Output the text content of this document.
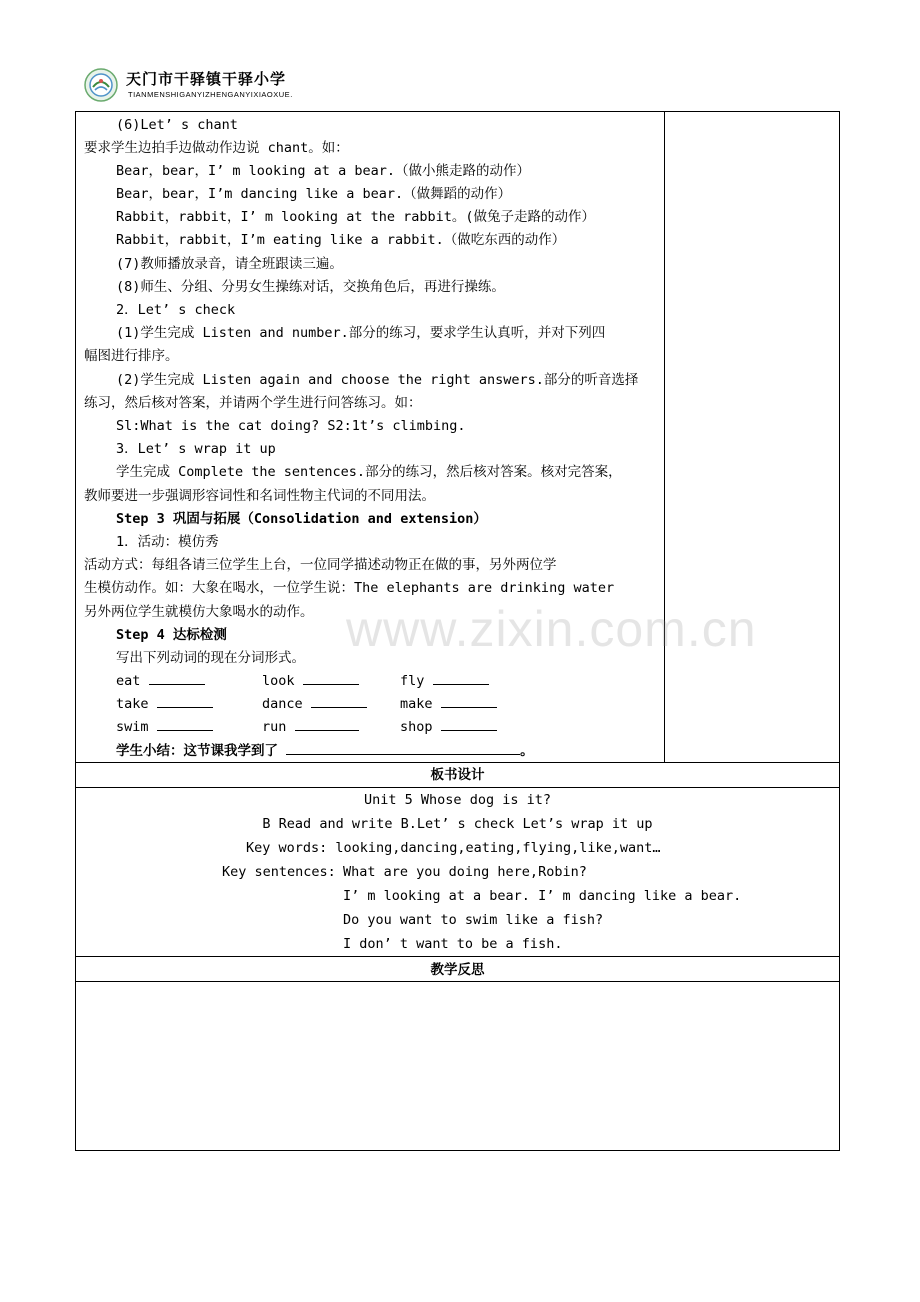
天门市干驿镇干驿小学
TIANMENSHIGANYIZHENGANYIXIAOXUE.
板书设计
Unit 5 Whose dog is it?
B Read and write B.Let’ s check Let’s wrap it up
Key words: looking,dancing,eating,flying,like,want…
Key sentences: What are you doing here,Robin?
I’ m looking at a bear. I’ m dancing like a bear.
Do you want to swim like a fish?
I don’ t want to be a fish.
教学反思
(6)Let’ s chant
要求学生边拍手边做动作边说 chant。如：
Bear，bear，I’ m looking at a bear.（做小熊走路的动作）
Bear，bear，I’m dancing like a bear.（做舞蹈的动作）
Rabbit，rabbit，I’ m looking at the rabbit。(做兔子走路的动作）
Rabbit，rabbit，I’m eating like a rabbit.（做吃东西的动作）
(7)教师播放录音，请全班跟读三遍。
(8)师生、分组、分男女生操练对话，交换角色后，再进行操练。
2．Let’ s check
(1)学生完成 Listen and number.部分的练习，要求学生认真听，并对下列四
幅图进行排序。
(2)学生完成 Listen again and choose the right answers.部分的听音选择
练习，然后核对答案，并请两个学生进行问答练习。如：
Sl:What is the cat doing? S2:1t’s climbing.
3．Let’ s wrap it up
学生完成 Complete the sentences.部分的练习，然后核对答案。核对完答案，
教师要进一步强调形容词性和名词性物主代词的不同用法。
Step 3 巩固与拓展（Consolidation and extension）
1．活动：模仿秀
活动方式：每组各请三位学生上台，一位同学描述动物正在做的事，另外两位学
生模仿动作。如：大象在喝水，一位学生说：The elephants are drinking water
另外两位学生就模仿大象喝水的动作。
Step 4 达标检测
写出下列动词的现在分词形式。
eat	look	fly
take	dance	make
swim	run	shop
学生小结：这节课我学到了	。
www.zixin.com.cn
